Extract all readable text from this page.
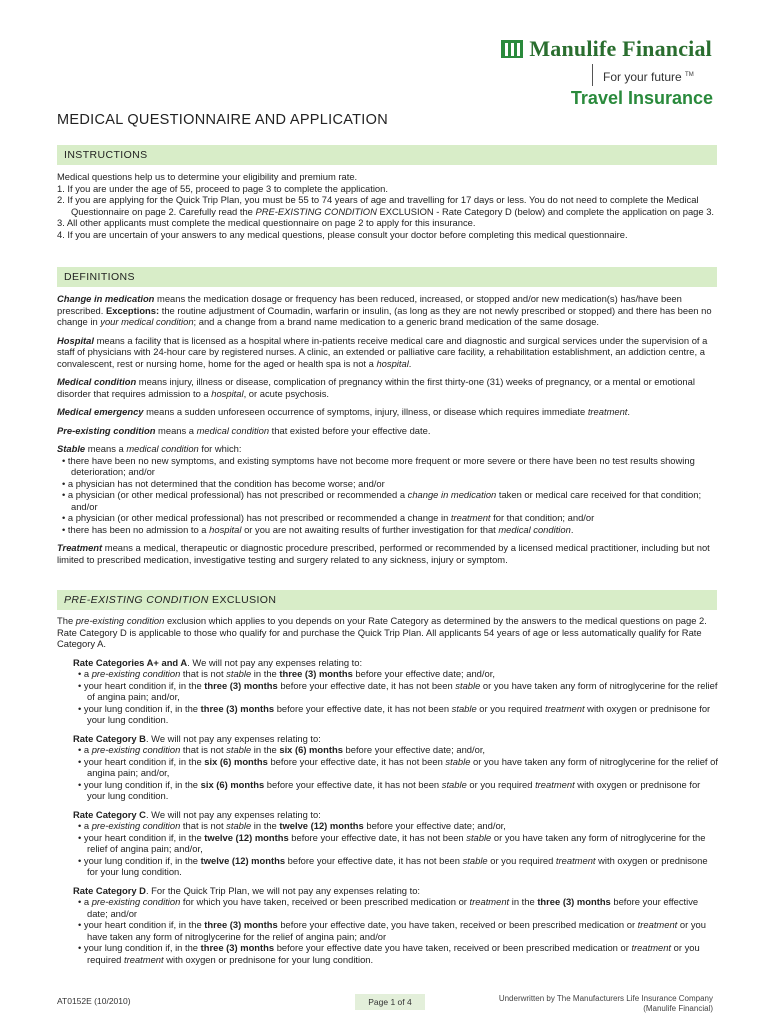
Manulife Financial
For your future ™
Travel Insurance
MEDICAL QUESTIONNAIRE AND APPLICATION
INSTRUCTIONS

Medical questions help us to determine your eligibility and premium rate.

1. If you are under the age of 55, proceed to page 3 to complete the application.

2. If you are applying for the Quick Trip Plan, you must be 55 to 74 years of age and travelling for 17 days or less. You do not need to complete the Medical Questionnaire on page 2. Carefully read the PRE-EXISTING CONDITION EXCLUSION - Rate Category D (below) and complete the application on page 3.

3. All other applicants must complete the medical questionnaire on page 2 to apply for this insurance.

4. If you are uncertain of your answers to any medical questions, please consult your doctor before completing this medical questionnaire.

DEFINITIONS

Change in medication means the medication dosage or frequency has been reduced, increased, or stopped and/or new medication(s) has/have been prescribed. Exceptions: the routine adjustment of Coumadin, warfarin or insulin, (as long as they are not newly prescribed or stopped) and there has been no change in your medical condition; and a change from a brand name medication to a generic brand medication of the same dosage.

Hospital means a facility that is licensed as a hospital where in-patients receive medical care and diagnostic and surgical services under the supervision of a staff of physicians with 24-hour care by registered nurses. A clinic, an extended or palliative care facility, a rehabilitation establishment, an addiction centre, a convalescent, rest or nursing home, home for the aged or health spa is not a hospital.

Medical condition means injury, illness or disease, complication of pregnancy within the first thirty-one (31) weeks of pregnancy, or a mental or emotional disorder that requires admission to a hospital, or acute psychosis.

Medical emergency means a sudden unforeseen occurrence of symptoms, injury, illness, or disease which requires immediate treatment.

Pre-existing condition means a medical condition that existed before your effective date.

Stable means a medical condition for which:

• there have been no new symptoms, and existing symptoms have not become more frequent or more severe or there have been no test results showing deterioration; and/or

• a physician has not determined that the condition has become worse; and/or

• a physician (or other medical professional) has not prescribed or recommended a change in medication taken or medical care received for that condition; and/or

• a physician (or other medical professional) has not prescribed or recommended a change in treatment for that condition; and/or

• there has been no admission to a hospital or you are not awaiting results of further investigation for that medical condition.

Treatment means a medical, therapeutic or diagnostic procedure prescribed, performed or recommended by a licensed medical practitioner, including but not limited to prescribed medication, investigative testing and surgery related to any sickness, injury or symptom.

PRE-EXISTING CONDITION EXCLUSION

The pre-existing condition exclusion which applies to you depends on your Rate Category as determined by the answers to the medical questions on page 2. Rate Category D is applicable to those who qualify for and purchase the Quick Trip Plan. All applicants 54 years of age or less automatically qualify for Rate Category A.

Rate Categories A+ and A. We will not pay any expenses relating to:

• a pre-existing condition that is not stable in the three (3) months before your effective date; and/or,

• your heart condition if, in the three (3) months before your effective date, it has not been stable or you have taken any form of nitroglycerine for the relief of angina pain; and/or,

• your lung condition if, in the three (3) months before your effective date, it has not been stable or you required treatment with oxygen or prednisone for your lung condition.

Rate Category B. We will not pay any expenses relating to:

• a pre-existing condition that is not stable in the six (6) months before your effective date; and/or,

• your heart condition if, in the six (6) months before your effective date, it has not been stable or you have taken any form of nitroglycerine for the relief of angina pain; and/or,

• your lung condition if, in the six (6) months before your effective date, it has not been stable or you required treatment with oxygen or prednisone for your lung condition.

Rate Category C. We will not pay any expenses relating to:

• a pre-existing condition that is not stable in the twelve (12) months before your effective date; and/or,

• your heart condition if, in the twelve (12) months before your effective date, it has not been stable or you have taken any form of nitroglycerine for the relief of angina pain; and/or,

• your lung condition if, in the twelve (12) months before your effective date, it has not been stable or you required treatment with oxygen or prednisone for your lung condition.

Rate Category D. For the Quick Trip Plan, we will not pay any expenses relating to:

• a pre-existing condition for which you have taken, received or been prescribed medication or treatment in the three (3) months before your effective date; and/or

• your heart condition if, in the three (3) months before your effective date, you have taken, received or been prescribed medication or treatment or you have taken any form of nitroglycerine for the relief of angina pain; and/or

• your lung condition if, in the three (3) months before your effective date you have taken, received or been prescribed medication or treatment or you required treatment with oxygen or prednisone for your lung condition.

AT0152E (10/2010)	Page 1 of 4	Underwritten by The Manufacturers Life Insurance Company
(Manulife Financial)
